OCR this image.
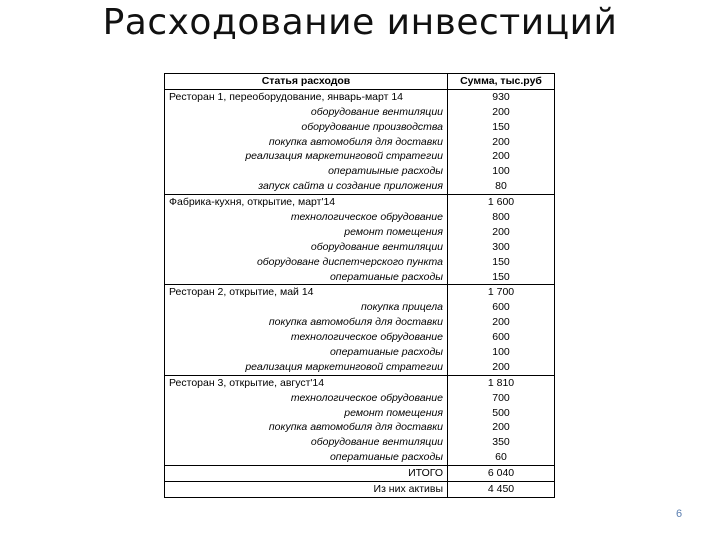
Расходование инвестиций
Статья расходов	Сумма, тыс.руб
Ресторан 1, переоборудование, январь-март 14	930
оборудование вентиляции	200
оборудование производства	150
покупка автомобиля для доставки	200
реализация маркетинговой стратегии	200
опeратиыные расходы	100
запуск сайта и создание приложения	80
Фабрика-кухня, открытие, март'14	1 600
технологическое обрудование	800
ремонт помещения	200
оборудование вентиляции	300
оборудоване диспетчерского пункта	150
оператианые расходы	150
Ресторан 2, открытие, май 14	1 700
покупка прицела	600
покупка автомобиля для доставки	200
технологическое обрудование	600
опеpатианые расходы	100
реализация маркетинговой стратегии	200
Ресторан 3, открытие, август'14	1 810
технологическое обрудование	700
ремонт помещения	500
покупка автомобиля для доставки	200
оборудование вентиляции	350
оператианые расходы	60
ИТОГО	6 040
Из них активы	4 450
6
